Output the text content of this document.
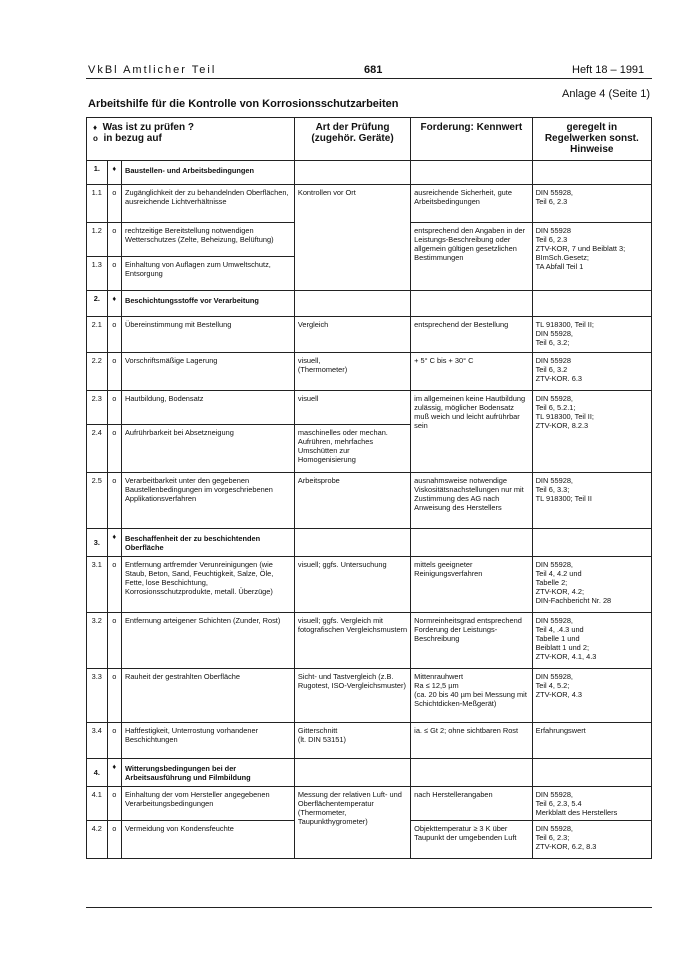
VkBl Amtlicher Teil	681	Heft 18 – 1991
Anlage 4 (Seite 1)
Arbeitshilfe für die Kontrolle von Korrosionsschutzarbeiten
♦ Was ist zu prüfen ?
o in bezug auf			Art der Prüfung (zugehör. Geräte)	Forderung: Kennwert	geregelt in Regelwerken sonst. Hinweise
1.	♦	Baustellen- und Arbeitsbedingungen			
1.1	o	Zugänglichkeit der zu behandelnden Oberflächen, ausreichende Lichtverhältnisse	Kontrollen vor Ort	ausreichende Sicherheit, gute Arbeitsbedingungen	DIN 55928,
Teil 6, 2.3
1.2	o	rechtzeitige Bereitstellung notwendigen Wetterschutzes (Zelte, Beheizung, Belüftung)		entsprechend den Angaben in der Leistungs-Beschreibung oder allgemein gültigen gesetzlichen Bestimmungen	DIN 55928
Teil 6, 2.3
ZTV-KOR, 7 und Beiblatt 3;
BImSch.Gesetz;
TA Abfall Teil 1
1.3	o	Einhaltung von Auflagen zum Umweltschutz, Entsorgung			
2.	♦	Beschichtungsstoffe vor Verarbeitung			
2.1	o	Übereinstimmung mit Bestellung	Vergleich	entsprechend der Bestellung	TL 918300, Teil II;
DIN 55928,
Teil 6, 3.2;
2.2	o	Vorschriftsmäßige Lagerung	visuell,
(Thermometer)	+ 5° C bis + 30° C	DIN 55928
Teil 6, 3.2
ZTV-KOR. 6.3
2.3	o	Hautbildung, Bodensatz	visuell	im allgemeinen keine Hautbildung zulässig, möglicher Bodensatz muß weich und leicht aufrührbar sein	DIN 55928,
Teil 6, 5.2.1;
TL 918300, Teil II;
ZTV-KOR, 8.2.3
2.4	o	Aufrührbarkeit bei Absetzneigung	maschinelles oder mechan. Aufrühren, mehrfaches Umschütten zur Homogenisierung		
2.5	o	Verarbeitbarkeit unter den gegebenen Baustellenbedingungen im vorgeschriebenen Applikationsverfahren	Arbeitsprobe	ausnahmsweise notwendige Viskositätsnachstellungen nur mit Zustimmung des AG nach Anweisung des Herstellers	DIN 55928,
Teil 6, 3.3;
TL 918300; Teil II
3.	♦	Beschaffenheit der zu beschichtenden Oberfläche			
3.1	o	Entfernung artfremder Verunreinigungen (wie Staub, Beton, Sand, Feuchtigkeit, Salze, Öle, Fette, lose Beschichtung, Korrosionsschutzprodukte, metall. Überzüge)	visuell; ggfs. Untersuchung	mittels geeigneter Reinigungsverfahren	DIN 55928,
Teil 4, 4.2 und
Tabelle 2;
ZTV-KOR, 4.2;
DIN-Fachbericht Nr. 28
3.2	o	Entfernung arteigener Schichten (Zunder, Rost)	visuell; ggfs. Vergleich mit fotografischen Vergleichsmustern	Normreinheitsgrad entsprechend Forderung der Leistungs-Beschreibung	DIN 55928,
Teil 4, .4.3 und
Tabelle 1 und
Beiblatt 1 und 2;
ZTV-KOR, 4.1, 4.3
3.3	o	Rauheit der gestrahlten Oberfläche	Sicht- und Tastvergleich (z.B. Rugotest, ISO-Vergleichsmuster)	Mittenrauhwert
Ra ≤ 12,5 µm
(ca. 20 bis 40 µm bei Messung mit Schichtdicken-Meßgerät)	DIN 55928,
Teil 4, 5.2;
ZTV-KOR, 4.3
3.4	o	Haftfestigkeit, Unterrostung vorhandener Beschichtungen	Gitterschnitt
(lt. DIN 53151)	ia. ≤ Gt 2; ohne sichtbaren Rost	Erfahrungswert
4.	♦	Witterungsbedingungen bei der Arbeitsausführung und Filmbildung			
4.1	o	Einhaltung der vom Hersteller angegebenen Verarbeitungsbedingungen	Messung der relativen Luft- und Oberflächentemperatur (Thermometer, Taupunkthygrometer)	nach Herstellerangaben	DIN 55928,
Teil 6, 2.3, 5.4
Merkblatt des Herstellers
4.2	o	Vermeidung von Kondensfeuchte		Objekttemperatur ≥ 3 K über Taupunkt der umgebenden Luft	DIN 55928,
Teil 6, 2.3;
ZTV-KOR, 6.2, 8.3
